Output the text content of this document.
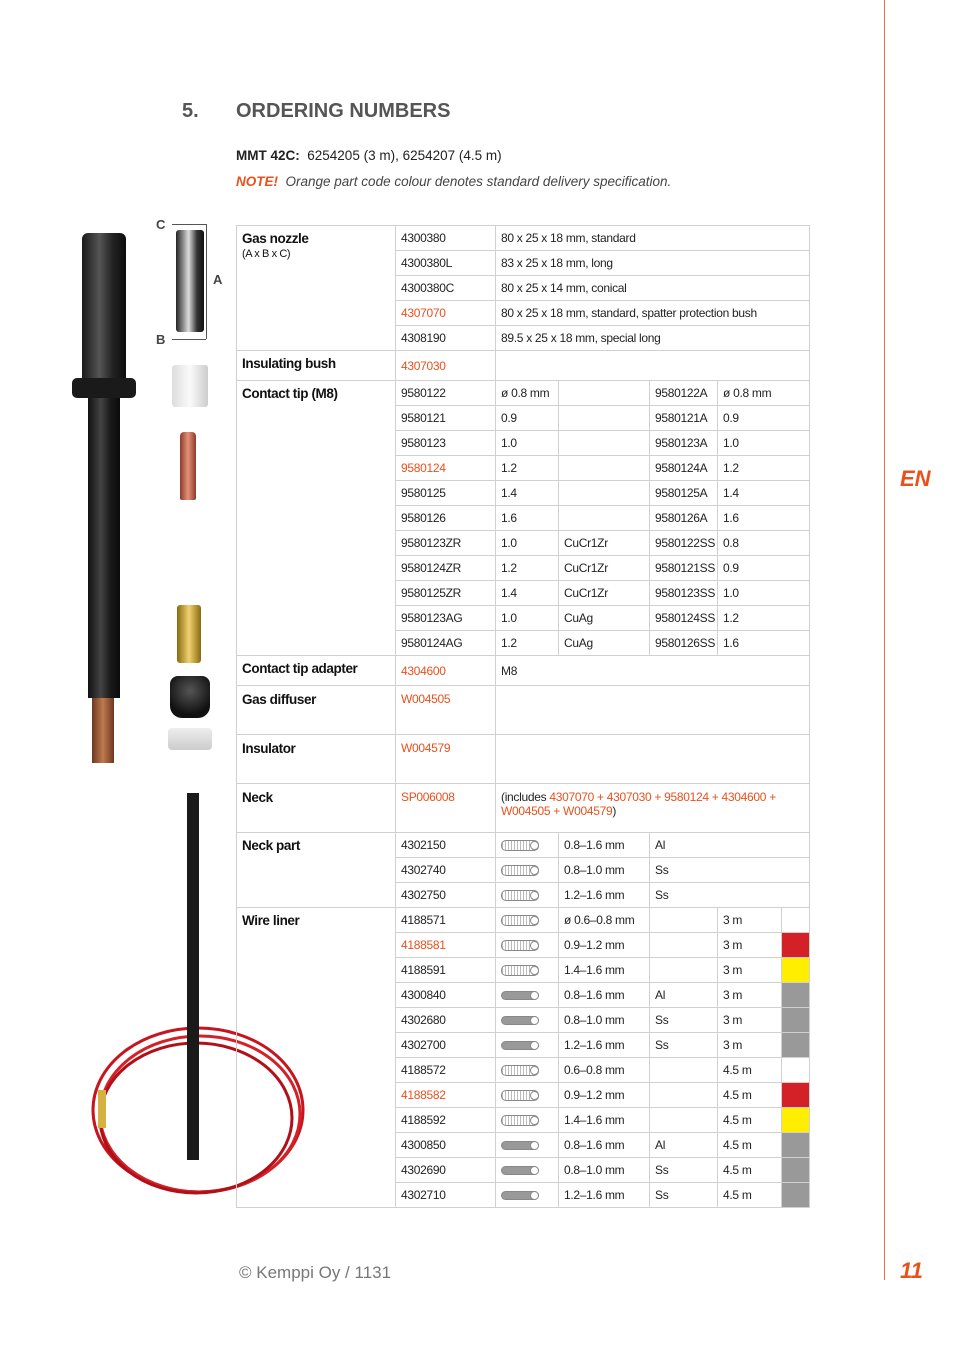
EN
5. ORDERING NUMBERS
MMT 42C: 6254205 (3 m), 6254207 (4.5 m)
NOTE! Orange part code colour denotes standard delivery specification.
C
A
B
Gas nozzle
(A x B x C)	4300380	80 x 25 x 18 mm, standard				
	4300380L	83 x 25 x 18 mm, long				
	4300380C	80 x 25 x 14 mm, conical				
	4307070	80 x 25 x 18 mm, standard, spatter protection bush				
	4308190	89.5 x 25 x 18 mm, special long				
Insulating bush	4307030					
Contact tip (M8)	9580122	ø 0.8 mm		9580122A	ø 0.8 mm	
	9580121	0.9		9580121A	0.9	
	9580123	1.0		9580123A	1.0	
	9580124	1.2		9580124A	1.2	
	9580125	1.4		9580125A	1.4	
	9580126	1.6		9580126A	1.6	
	9580123ZR	1.0	CuCr1Zr	9580122SS	0.8	
	9580124ZR	1.2	CuCr1Zr	9580121SS	0.9	
	9580125ZR	1.4	CuCr1Zr	9580123SS	1.0	
	9580123AG	1.0	CuAg	9580124SS	1.2	
	9580124AG	1.2	CuAg	9580126SS	1.6	
Contact tip adapter	4304600	M8				
Gas diffuser	W004505					
Insulator	W004579					
Neck	SP006008	(includes 4307070 + 4307030 + 9580124 + 4304600 + W004505 + W004579)				
Neck part	4302150		0.8–1.6 mm	Al		
	4302740		0.8–1.0 mm	Ss		
	4302750		1.2–1.6 mm	Ss		
Wire liner	4188571		ø 0.6–0.8 mm		3 m	
	4188581		0.9–1.2 mm		3 m	
	4188591		1.4–1.6 mm		3 m	
	4300840		0.8–1.6 mm	Al	3 m	
	4302680		0.8–1.0 mm	Ss	3 m	
	4302700		1.2–1.6 mm	Ss	3 m	
	4188572		0.6–0.8 mm		4.5 m	
	4188582		0.9–1.2 mm		4.5 m	
	4188592		1.4–1.6 mm		4.5 m	
	4300850		0.8–1.6 mm	Al	4.5 m	
	4302690		0.8–1.0 mm	Ss	4.5 m	
	4302710		1.2–1.6 mm	Ss	4.5 m	
© Kemppi Oy / 1131	11
